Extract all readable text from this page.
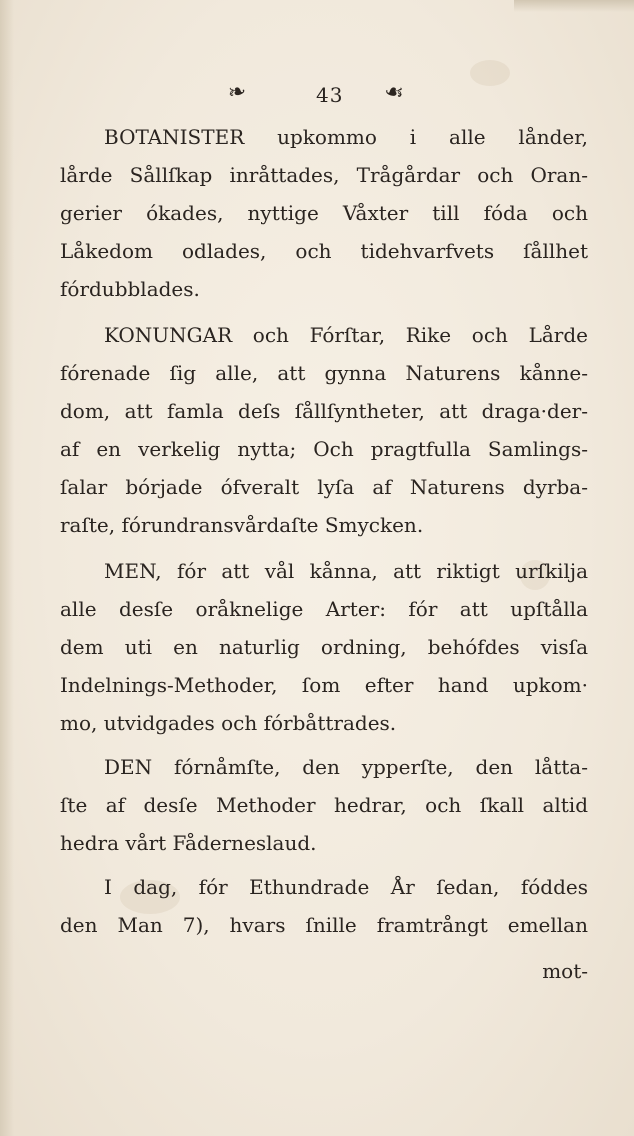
❧	43 ☙
BOTANISTER upkommo i alle lånder,
lårde Sållſkap inråttades, Trågårdar och Oran-
gerier ókades, nyttige Våxter till fóda och
Låkedom odlades, och tidehvarfvets ſållhet
fórdubblades.
KONUNGAR och Fórſtar, Rike och Lårde
fórenade ſig alle, att gynna Naturens kånne-
dom, att famla deſs ſållſyntheter, att draga·der-
af en verkelig nytta; Och pragtfulla Samlings-
ſalar bórjade ófveralt lyſa af Naturens dyrba-
raſte, fórundransvårdaſte Smycken.
MEN, fór att vål kånna, att riktigt urſkilja
alle desſe oråknelige Arter: fór att upſtålla
dem uti en naturlig ordning, behófdes visſa
Indelnings-Methoder, ſom efter hand upkom·
mo, utvidgades och fórbåttrades.
DEN fórnåmſte, den ypperſte, den låtta-
ſte af desſe Methoder hedrar, och ſkall altid
hedra vårt Fåderneslaud.
I dag, fór Ethundrade År ſedan, fóddes
den Man 7), hvars ſnille framtrångt emellan
mot-
